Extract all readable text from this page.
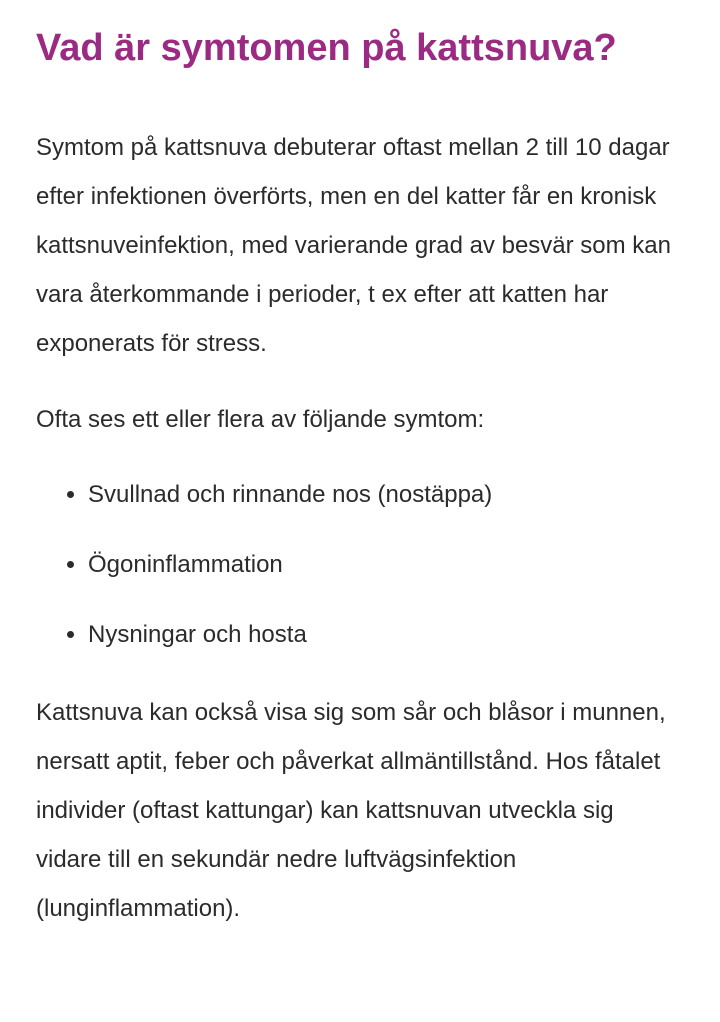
Vad är symtomen på kattsnuva?

Symtom på kattsnuva debuterar oftast mellan 2 till 10 dagar efter infektionen överförts, men en del katter får en kronisk kattsnuveinfektion, med varierande grad av besvär som kan vara återkommande i perioder, t ex efter att katten har exponerats för stress.

Ofta ses ett eller flera av följande symtom:

• Svullnad och rinnande nos (nostäppa)
• Ögoninflammation
• Nysningar och hosta

Kattsnuva kan också visa sig som sår och blåsor i munnen, nersatt aptit, feber och påverkat allmäntillstånd. Hos fåtalet individer (oftast kattungar) kan kattsnuvan utveckla sig vidare till en sekundär nedre luftvägsinfektion (lunginflammation).
